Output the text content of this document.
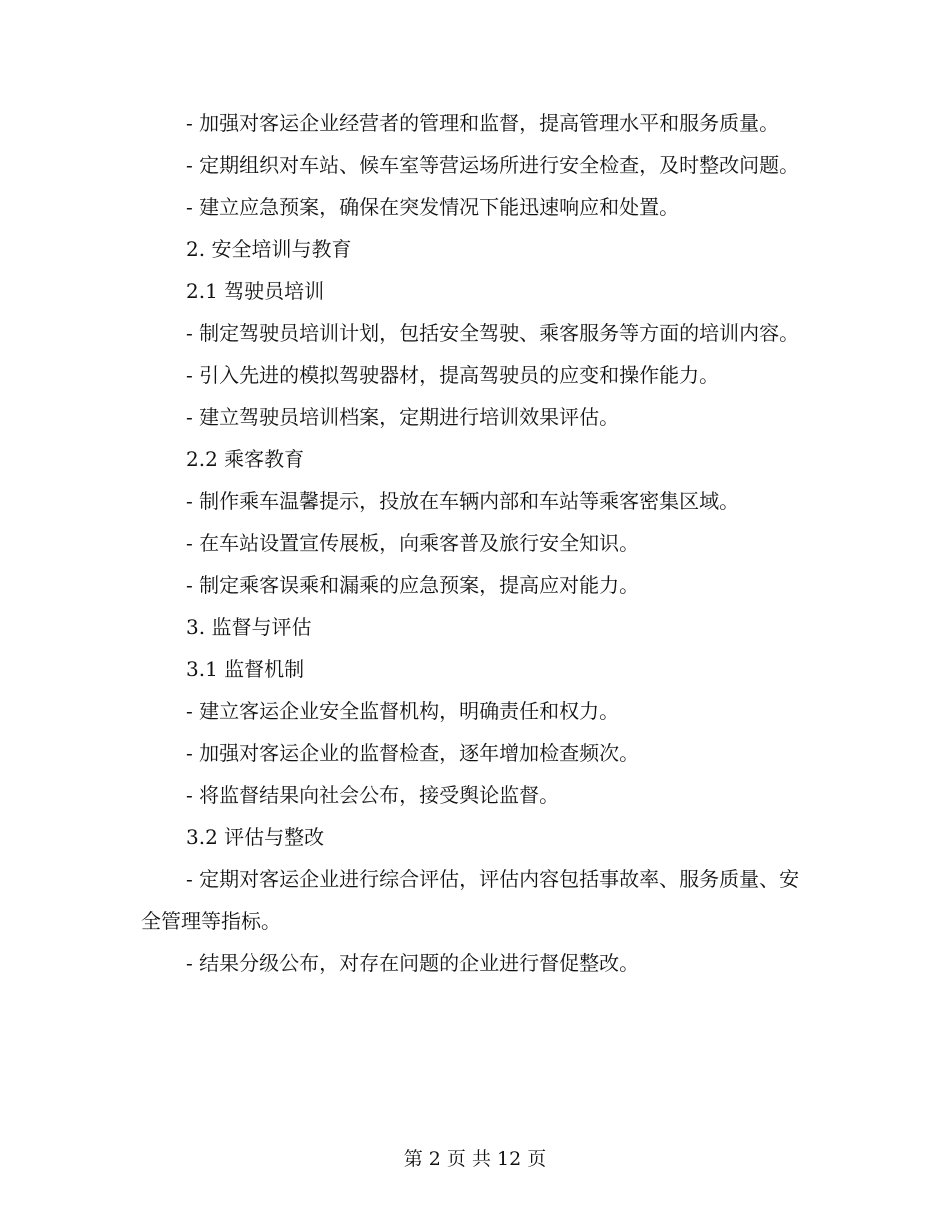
- 加强对客运企业经营者的管理和监督，提高管理水平和服务质量。

- 定期组织对车站、候车室等营运场所进行安全检查，及时整改问题。

- 建立应急预案，确保在突发情况下能迅速响应和处置。

2. 安全培训与教育

2.1 驾驶员培训

- 制定驾驶员培训计划，包括安全驾驶、乘客服务等方面的培训内容。

- 引入先进的模拟驾驶器材，提高驾驶员的应变和操作能力。

- 建立驾驶员培训档案，定期进行培训效果评估。

2.2 乘客教育

- 制作乘车温馨提示，投放在车辆内部和车站等乘客密集区域。

- 在车站设置宣传展板，向乘客普及旅行安全知识。

- 制定乘客误乘和漏乘的应急预案，提高应对能力。

3. 监督与评估

3.1 监督机制

- 建立客运企业安全监督机构，明确责任和权力。

- 加强对客运企业的监督检查，逐年增加检查频次。

- 将监督结果向社会公布，接受舆论监督。

3.2 评估与整改

- 定期对客运企业进行综合评估，评估内容包括事故率、服务质量、安全管理等指标。

- 结果分级公布，对存在问题的企业进行督促整改。

第 2 页 共 12 页
